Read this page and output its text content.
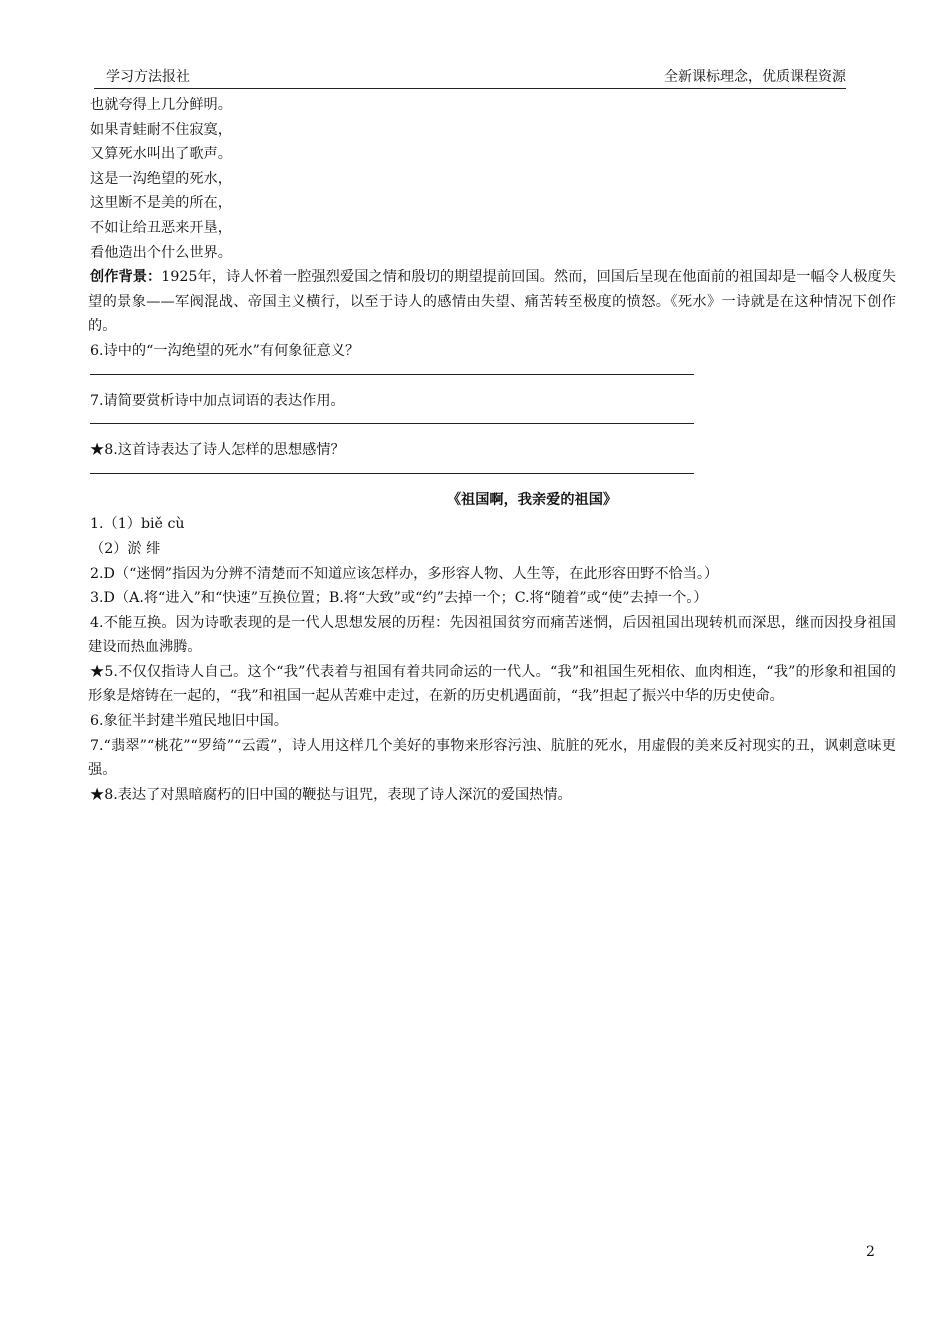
学习方法报社	全新课标理念，优质课程资源
也就夸得上几分鲜明。
如果青蛙耐不住寂寞，
又算死水叫出了歌声。
这是一沟绝望的死水，
这里断不是美的所在，
不如让给丑恶来开垦，
看他造出个什么世界。
创作背景：1925年，诗人怀着一腔强烈爱国之情和殷切的期望提前回国。然而，回国后呈现在他面前的祖国却是一幅令人极度失望的景象——军阀混战、帝国主义横行，以至于诗人的感情由失望、痛苦转至极度的愤怒。《死水》一诗就是在这种情况下创作的。
6.诗中的“一沟绝望的死水”有何象征意义？
7.请简要赏析诗中加点词语的表达作用。
★8.这首诗表达了诗人怎样的思想感情？
《祖国啊，我亲爱的祖国》
1.（1）biě cù
（2）淤 绯
2.D（“迷惘”指因为分辨不清楚而不知道应该怎样办，多形容人物、人生等，在此形容田野不恰当。）
3.D（A.将“进入”和“快速”互换位置；B.将“大致”或“约”去掉一个；C.将“随着”或“使”去掉一个。）
4.不能互换。因为诗歌表现的是一代人思想发展的历程：先因祖国贫穷而痛苦迷惘，后因祖国出现转机而深思，继而因投身祖国建设而热血沸腾。
★5.不仅仅指诗人自己。这个“我”代表着与祖国有着共同命运的一代人。“我”和祖国生死相依、血肉相连，“我”的形象和祖国的形象是熔铸在一起的，“我”和祖国一起从苦难中走过，在新的历史机遇面前，“我”担起了振兴中华的历史使命。
6.象征半封建半殖民地旧中国。
7.“翡翠”“桃花”“罗绮”“云霞”，诗人用这样几个美好的事物来形容污浊、肮脏的死水，用虚假的美来反衬现实的丑，讽刺意味更强。
★8.表达了对黑暗腐朽的旧中国的鞭挞与诅咒，表现了诗人深沉的爱国热情。
2
